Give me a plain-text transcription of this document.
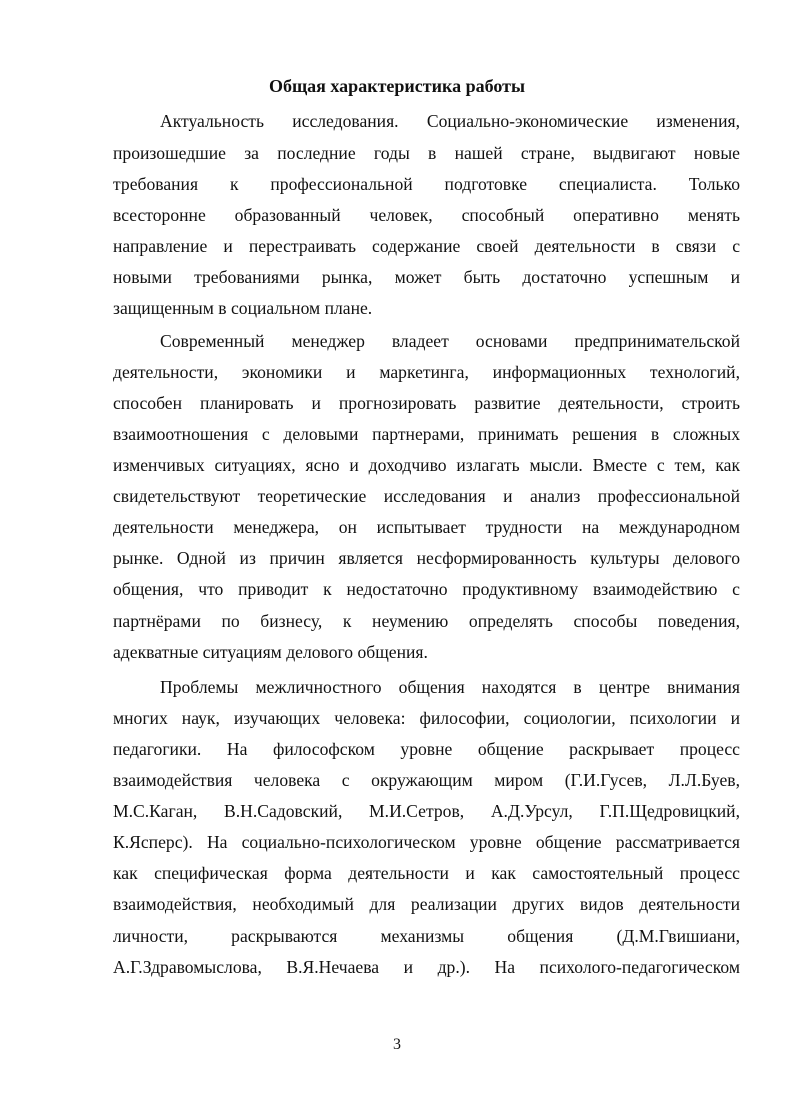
Общая характеристика работы
Актуальность исследования. Социально-экономические изменения,
произошедшие за последние годы в нашей стране, выдвигают новые
требования к профессиональной подготовке специалиста. Только
всесторонне образованный человек, способный оперативно менять
направление и перестраивать содержание своей деятельности в связи с
новыми требованиями рынка, может быть достаточно успешным и
защищенным в социальном плане.
Современный менеджер владеет основами предпринимательской
деятельности, экономики и маркетинга, информационных технологий,
способен планировать и прогнозировать развитие деятельности, строить
взаимоотношения с деловыми партнерами, принимать решения в сложных
изменчивых ситуациях, ясно и доходчиво излагать мысли. Вместе с тем, как
свидетельствуют теоретические исследования и анализ профессиональной
деятельности менеджера, он испытывает трудности на международном
рынке. Одной из причин является несформированность культуры делового
общения, что приводит к недостаточно продуктивному взаимодействию с
партнёрами по бизнесу, к неумению определять способы поведения,
адекватные ситуациям делового общения.
Проблемы межличностного общения находятся в центре внимания
многих наук, изучающих человека: философии, социологии, психологии и
педагогики. На философском уровне общение раскрывает процесс
взаимодействия человека с окружающим миром (Г.И.Гусев, Л.Л.Буев,
М.С.Каган, В.Н.Садовский, М.И.Сетров, А.Д.Урсул, Г.П.Щедровицкий,
К.Ясперс). На социально-психологическом уровне общение рассматривается
как специфическая форма деятельности и как самостоятельный процесс
взаимодействия, необходимый для реализации других видов деятельности
личности, раскрываются механизмы общения (Д.М.Гвишиани,
А.Г.Здравомыслова, В.Я.Нечаева и др.). На психолого-педагогическом
3
